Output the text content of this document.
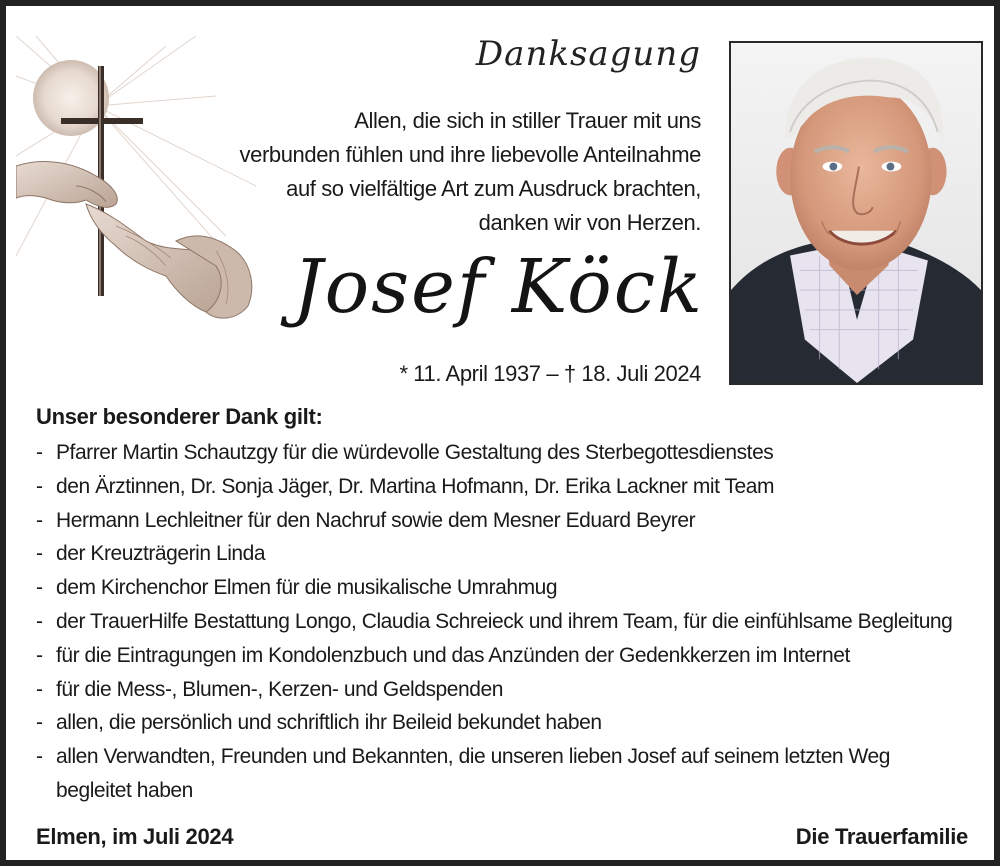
Danksagung
Allen, die sich in stiller Trauer mit uns
verbunden fühlen und ihre liebevolle Anteilnahme
auf so vielfältige Art zum Ausdruck brachten,
danken wir von Herzen.
Josef Köck
* 11. April 1937 – † 18. Juli 2024
Unser besonderer Dank gilt:
- Pfarrer Martin Schautzgy für die würdevolle Gestaltung des Sterbegottesdienstes
- den Ärztinnen, Dr. Sonja Jäger, Dr. Martina Hofmann, Dr. Erika Lackner mit Team
- Hermann Lechleitner für den Nachruf sowie dem Mesner Eduard Beyrer
- der Kreuzträgerin Linda
- dem Kirchenchor Elmen für die musikalische Umrahmug
- der TrauerHilfe Bestattung Longo, Claudia Schreieck und ihrem Team, für die einfühlsame Begleitung
- für die Eintragungen im Kondolenzbuch und das Anzünden der Gedenkkerzen im Internet
- für die Mess-, Blumen-, Kerzen- und Geldspenden
- allen, die persönlich und schriftlich ihr Beileid bekundet haben
- allen Verwandten, Freunden und Bekannten, die unseren lieben Josef auf seinem letzten Weg
begleitet haben
Elmen, im Juli 2024	Die Trauerfamilie
